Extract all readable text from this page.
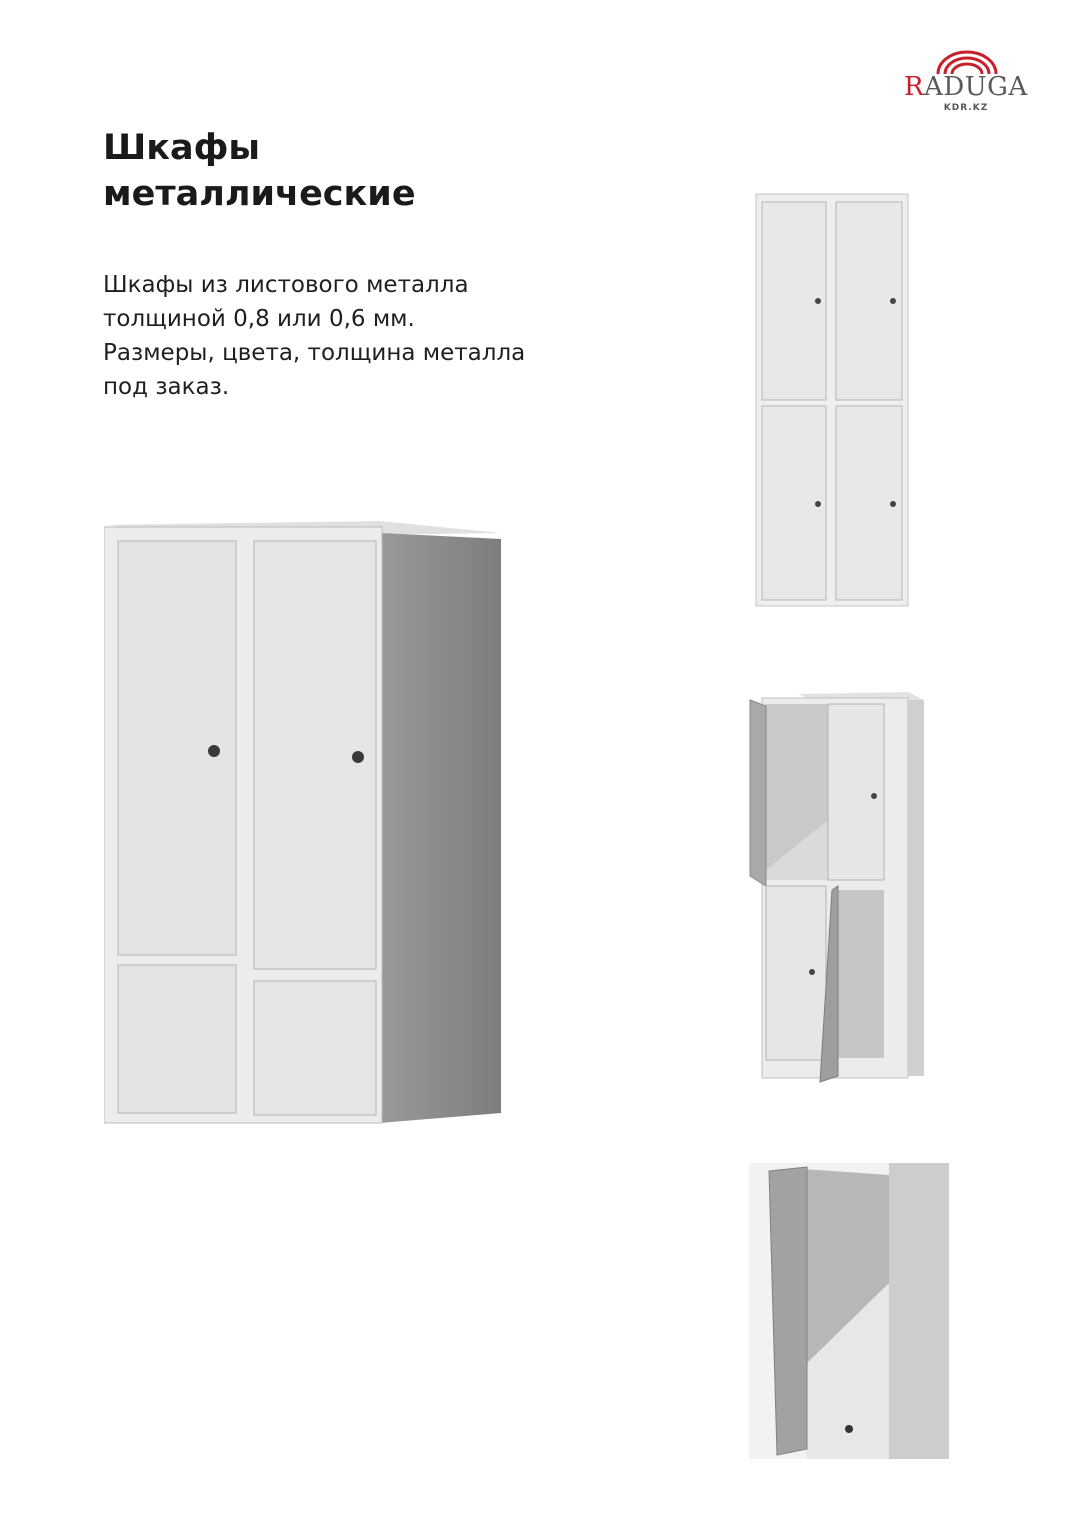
RADUGA
KDR.KZ
Шкафы
металлические

Шкафы из листового металла
толщиной 0,8 или 0,6 мм.
Размеры, цвета, толщина металла
под заказ.
